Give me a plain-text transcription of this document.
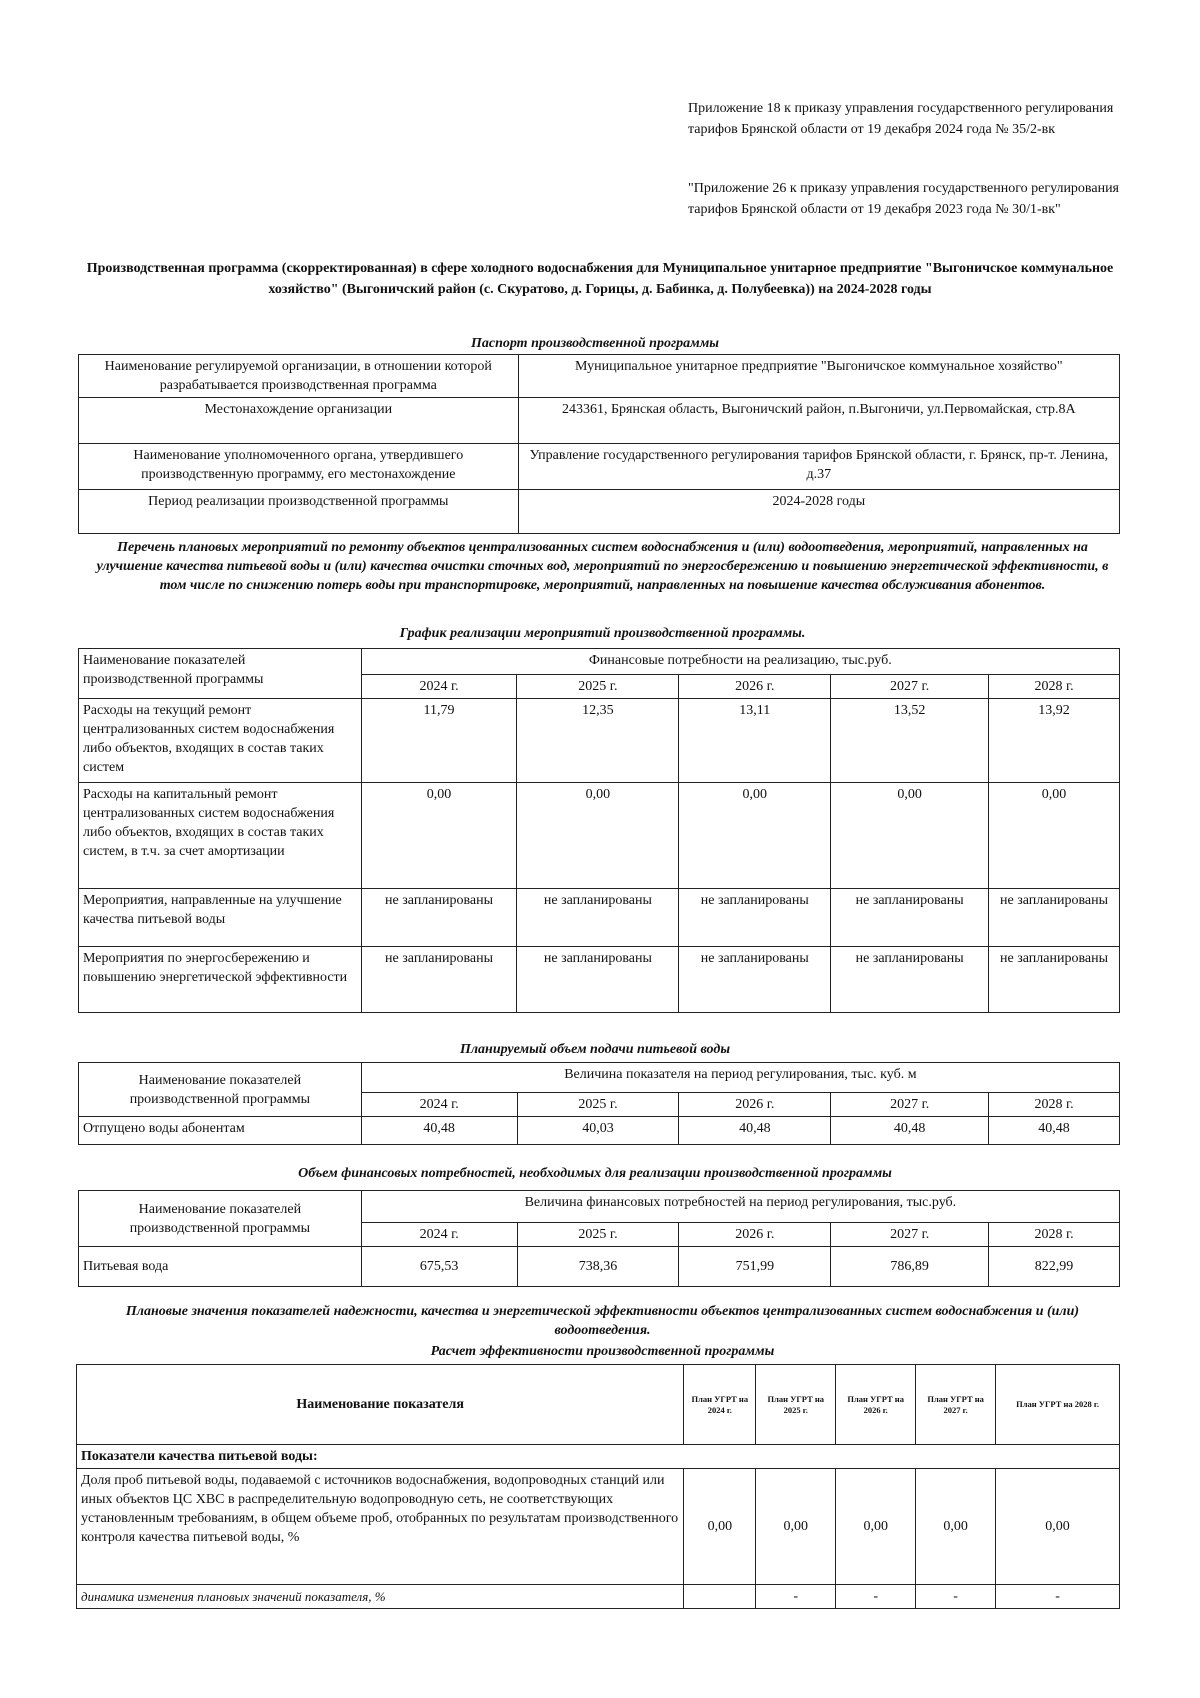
Приложение 18 к приказу управления государственного регулирования тарифов Брянской области от 19 декабря 2024 года № 35/2-вк
"Приложение 26 к приказу управления государственного регулирования тарифов Брянской области от 19 декабря 2023 года № 30/1-вк"
Производственная программа (скорректированная) в сфере холодного водоснабжения для Муниципальное унитарное предприятие "Выгоничское коммунальное хозяйство" (Выгоничский район (с. Скуратово, д. Горицы, д. Бабинка, д. Полубеевка)) на 2024-2028 годы
Паспорт производственной программы
Наименование регулируемой организации, в отношении которой разрабатывается производственная программа	Муниципальное унитарное предприятие "Выгоничское коммунальное хозяйство"
Местонахождение организации	243361, Брянская область, Выгоничский район, п.Выгоничи, ул.Первомайская, стр.8А
Наименование уполномоченного органа, утвердившего производственную программу, его местонахождение	Управление государственного регулирования тарифов Брянской области, г. Брянск, пр-т. Ленина, д.37
Период реализации производственной программы	2024-2028 годы
Перечень плановых мероприятий по ремонту объектов централизованных систем водоснабжения и (или) водоотведения, мероприятий, направленных на улучшение качества питьевой воды и (или) качества очистки сточных вод, мероприятий по энергосбережению и повышению энергетической эффективности, в том числе по снижению потерь воды при транспортировке, мероприятий, направленных на повышение качества обслуживания абонентов.
График реализации мероприятий производственной программы.
Наименование показателей производственной программы	Финансовые потребности на реализацию, тыс.руб.				
	2024 г.	2025 г.	2026 г.	2027 г.	2028 г.
Расходы на текущий ремонт централизованных систем водоснабжения либо объектов, входящих в состав таких систем	11,79	12,35	13,11	13,52	13,92
Расходы на капитальный ремонт централизованных систем водоснабжения либо объектов, входящих в состав таких систем, в т.ч. за счет амортизации	0,00	0,00	0,00	0,00	0,00
Мероприятия, направленные на улучшение качества питьевой воды	не запланированы	не запланированы	не запланированы	не запланированы	не запланированы
Мероприятия по энергосбережению и повышению энергетической эффективности	не запланированы	не запланированы	не запланированы	не запланированы	не запланированы
Планируемый объем подачи питьевой воды
Наименование показателей производственной программы	Величина показателя на период регулирования, тыс. куб. м				
	2024 г.	2025 г.	2026 г.	2027 г.	2028 г.
Отпущено воды абонентам	40,48	40,03	40,48	40,48	40,48
Объем финансовых потребностей, необходимых для реализации производственной программы
Наименование показателей производственной программы	Величина финансовых потребностей на период регулирования, тыс.руб.				
	2024 г.	2025 г.	2026 г.	2027 г.	2028 г.
Питьевая вода	675,53	738,36	751,99	786,89	822,99
Плановые значения показателей надежности, качества и энергетической эффективности объектов централизованных систем водоснабжения и (или) водоотведения.
Расчет эффективности производственной программы
Наименование показателя	План УГРТ на 2024 г.	План УГРТ на 2025 г.	План УГРТ на 2026 г.	План УГРТ на 2027 г.	План УГРТ на 2028 г.
Показатели качества питьевой воды:					
Доля проб питьевой воды, подаваемой с источников водоснабжения, водопроводных станций или иных объектов ЦС ХВС в распределительную водопроводную сеть, не соответствующих установленным требованиям, в общем объеме проб, отобранных по результатам производственного контроля качества питьевой воды, %	0,00	0,00	0,00	0,00	0,00
динамика изменения плановых значений показателя, %		-	-	-	-
